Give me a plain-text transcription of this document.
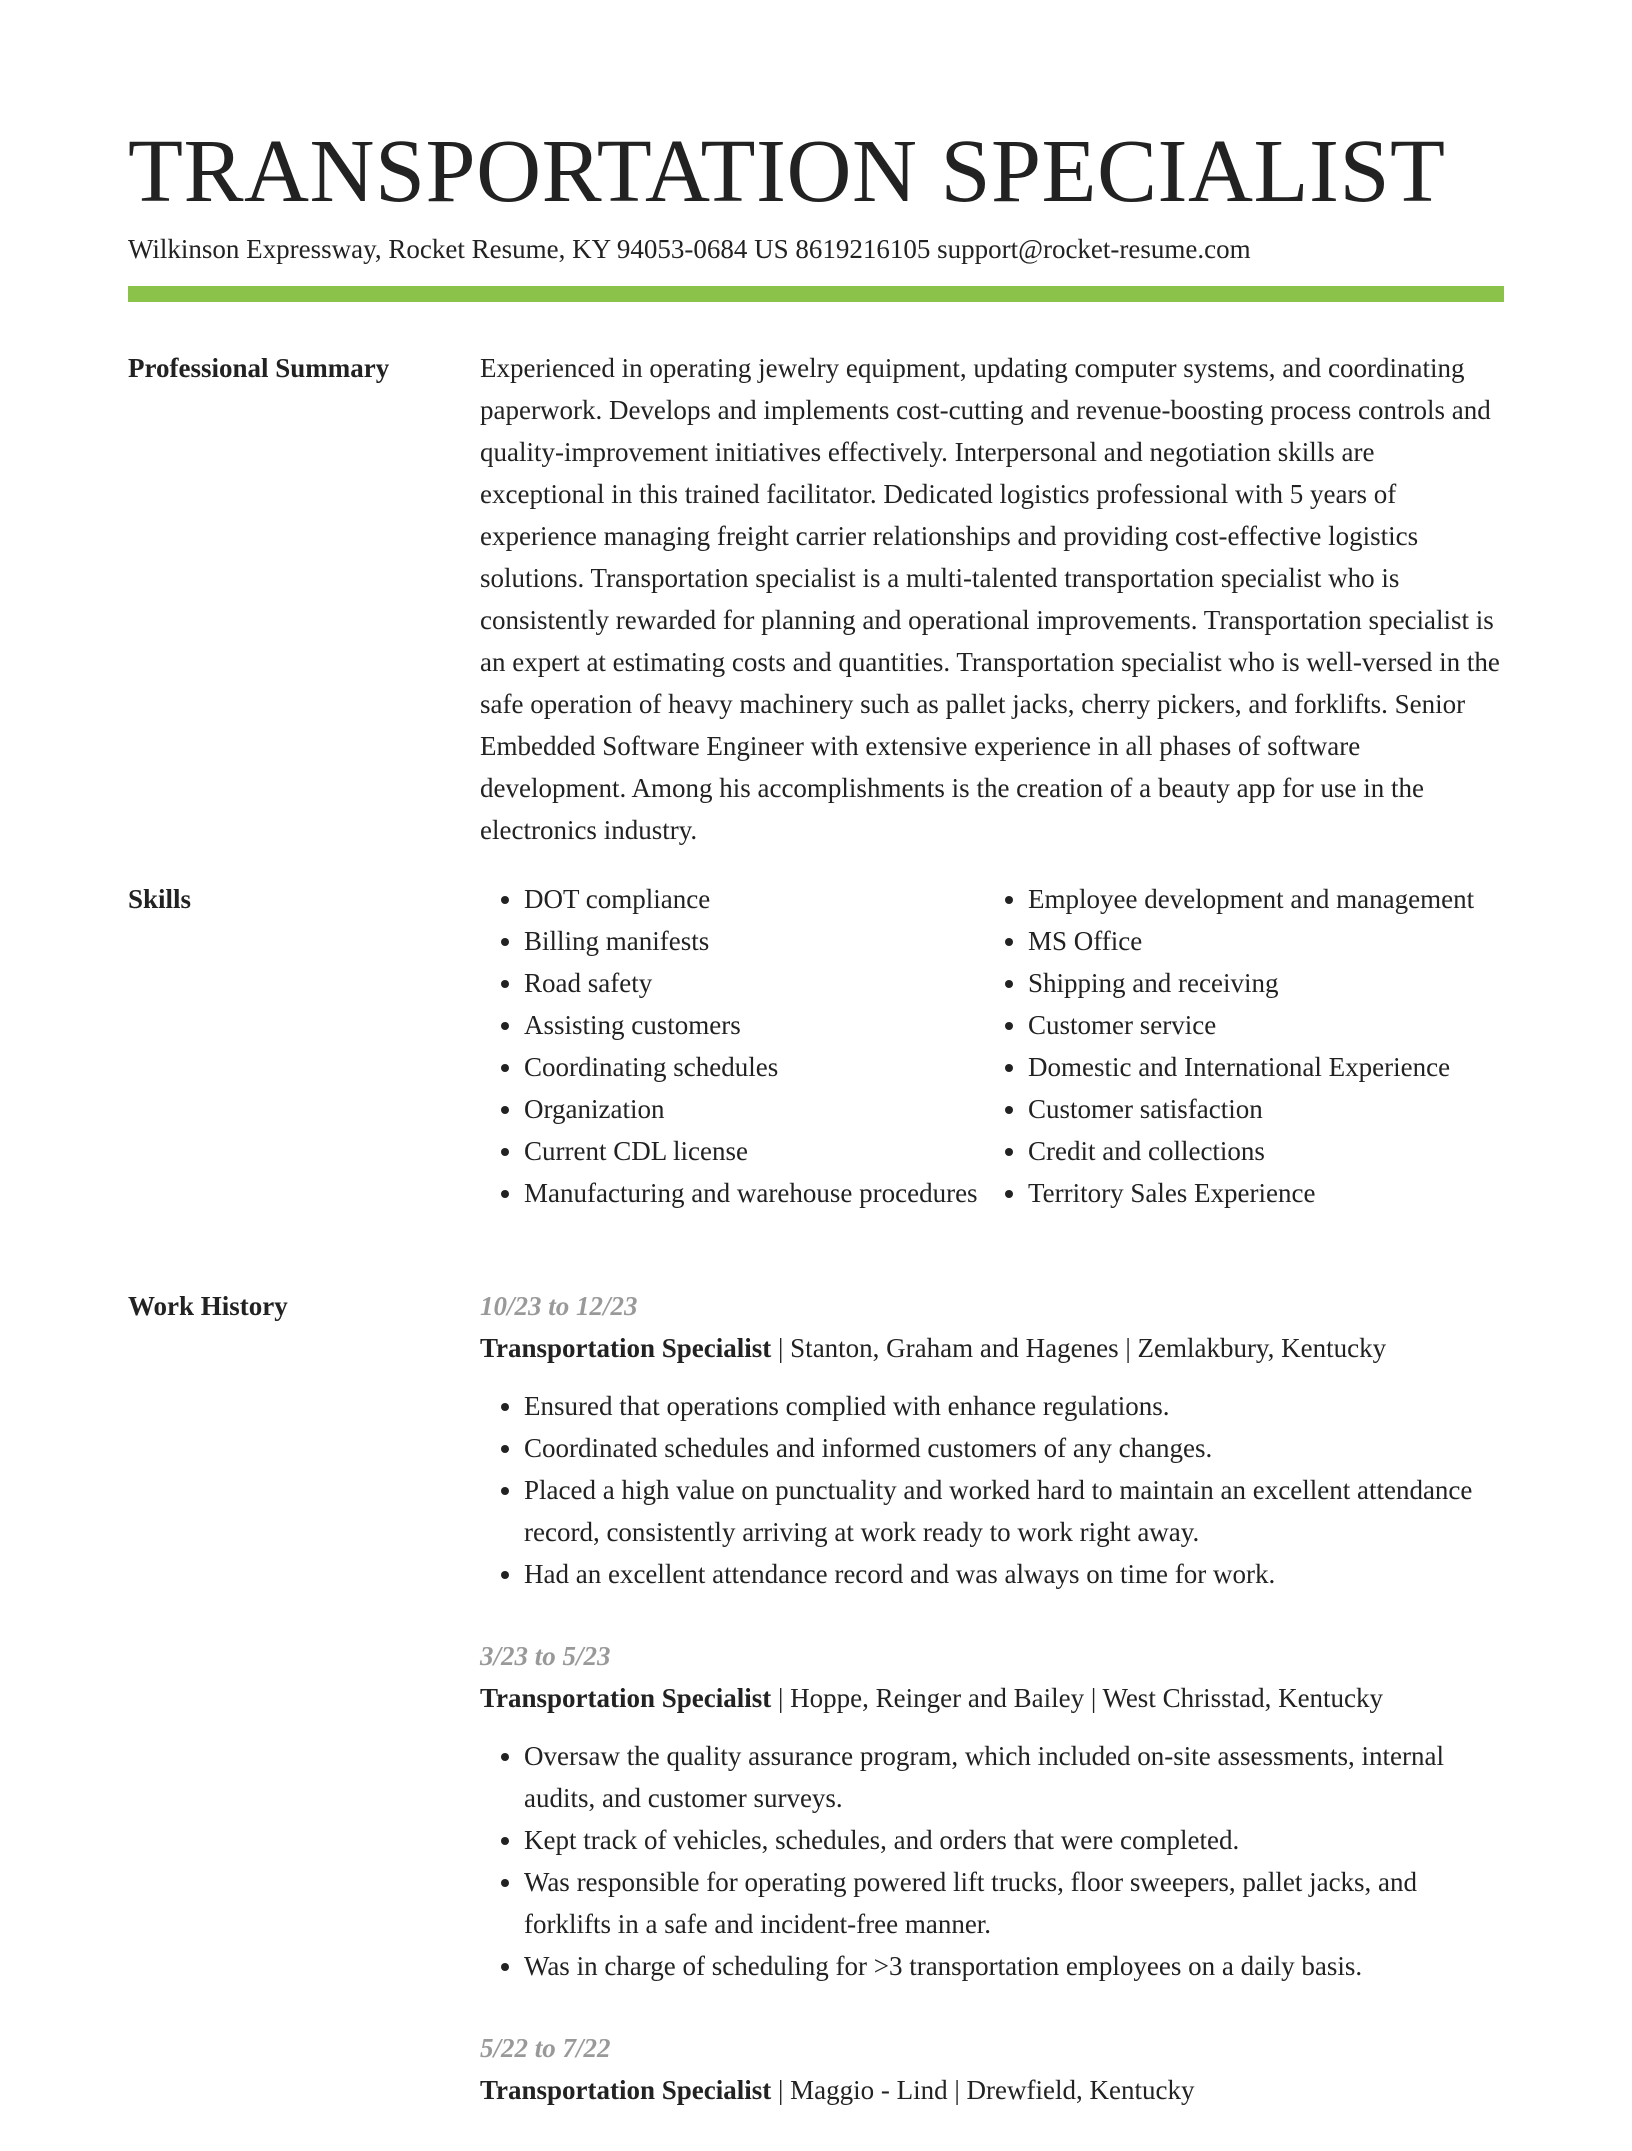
TRANSPORTATION SPECIALIST
Wilkinson Expressway, Rocket Resume, KY 94053-0684 US 8619216105 support@rocket-resume.com
Professional Summary	Experienced in operating jewelry equipment, updating computer systems, and coordinating paperwork. Develops and implements cost-cutting and revenue-boosting process controls and quality-improvement initiatives effectively. Interpersonal and negotiation skills are exceptional in this trained facilitator. Dedicated logistics professional with 5 years of experience managing freight carrier relationships and providing cost-effective logistics solutions. Transportation specialist is a multi-talented transportation specialist who is consistently rewarded for planning and operational improvements. Transportation specialist is an expert at estimating costs and quantities. Transportation specialist who is well-versed in the safe operation of heavy machinery such as pallet jacks, cherry pickers, and forklifts. Senior Embedded Software Engineer with extensive experience in all phases of software development. Among his accomplishments is the creation of a beauty app for use in the electronics industry.

Skills
•	DOT compliance
• Billing manifests
• Road safety
• Assisting customers
• Coordinating schedules
• Organization
• Current CDL license
• Manufacturing and warehouse procedures
• Employee development and management
• MS Office
• Shipping and receiving
• Customer service
• Domestic and International Experience
• Customer satisfaction
• Credit and collections
• Territory Sales Experience
Work History	10/23 to 12/23
Transportation Specialist | Stanton, Graham and Hagenes | Zemlakbury, Kentucky
• Ensured that operations complied with enhance regulations.
• Coordinated schedules and informed customers of any changes.
• Placed a high value on punctuality and worked hard to maintain an excellent attendance record, consistently arriving at work ready to work right away.
• Had an excellent attendance record and was always on time for work.
3/23 to 5/23
Transportation Specialist | Hoppe, Reinger and Bailey | West Chrisstad, Kentucky
• Oversaw the quality assurance program, which included on-site assessments, internal audits, and customer surveys.
• Kept track of vehicles, schedules, and orders that were completed.
• Was responsible for operating powered lift trucks, floor sweepers, pallet jacks, and forklifts in a safe and incident-free manner.
• Was in charge of scheduling for >3 transportation employees on a daily basis.
5/22 to 7/22
Transportation Specialist | Maggio - Lind | Drewfield, Kentucky
